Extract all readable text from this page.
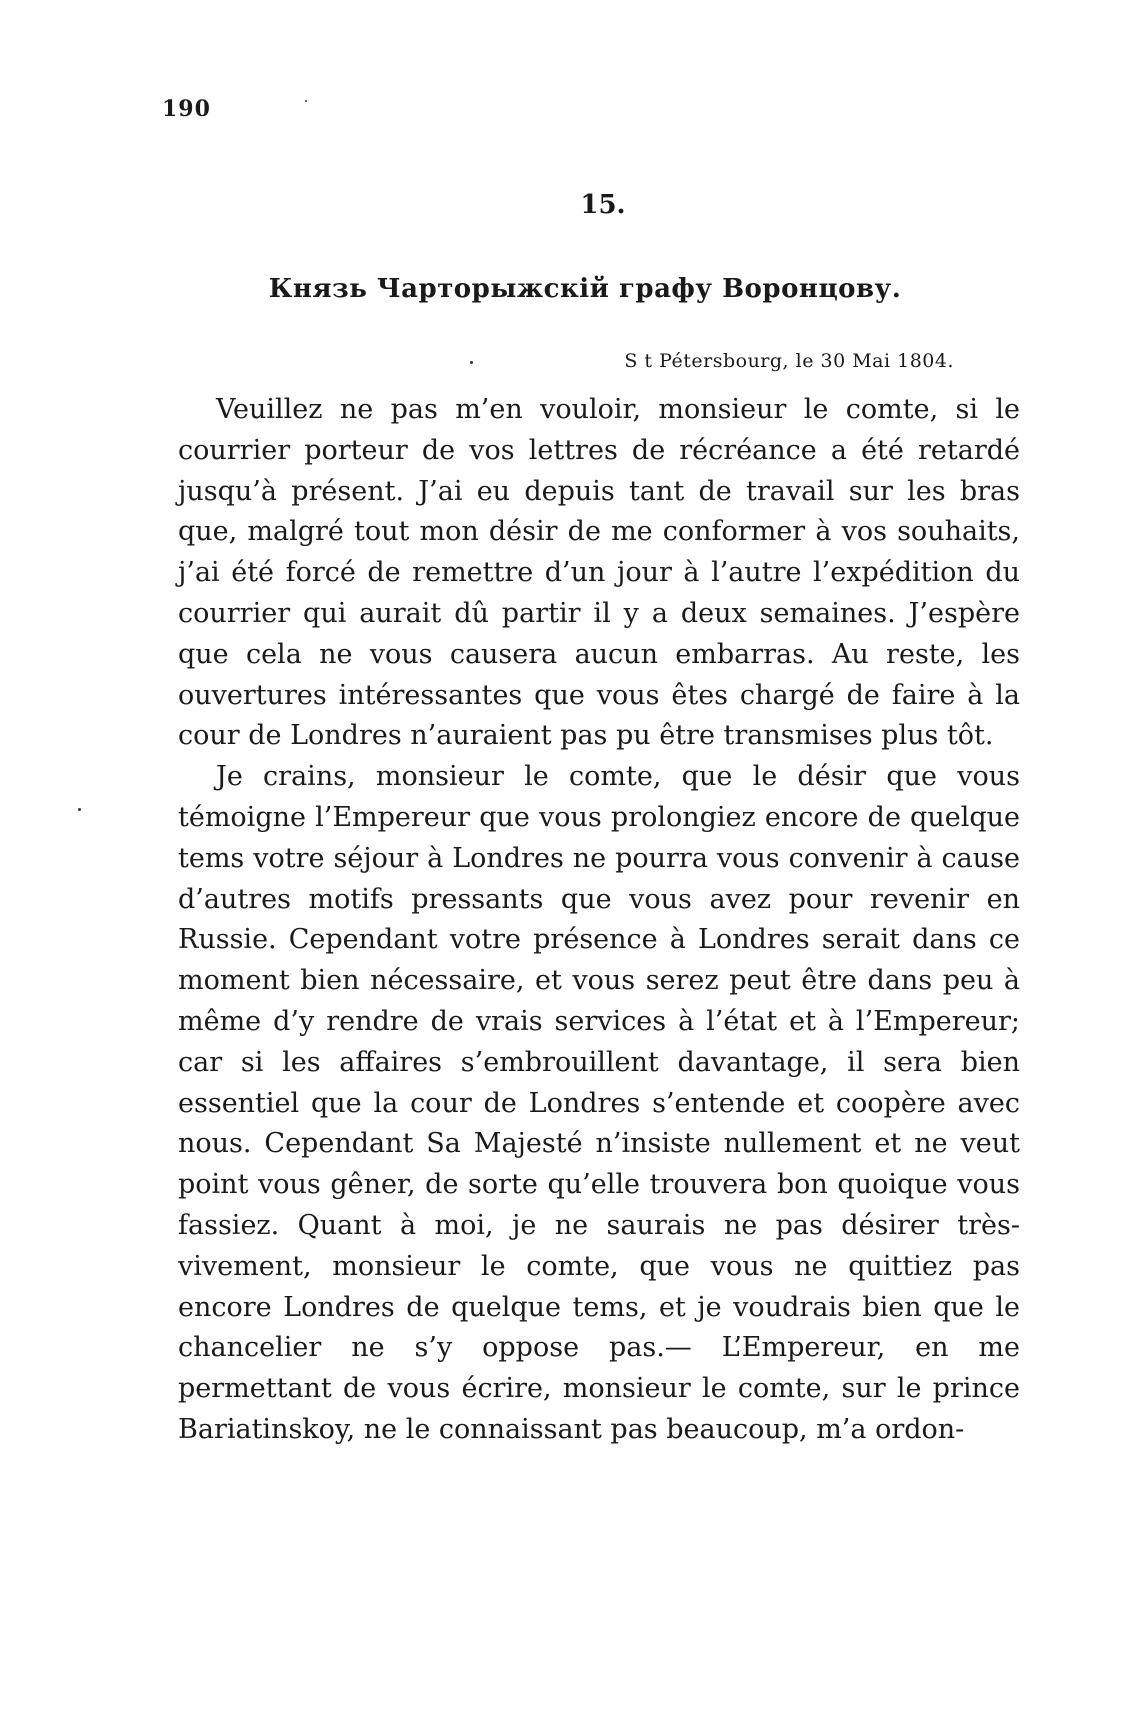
190
15.
Князь Чарторыжскій графу Воронцову.
S t Pétersbourg, le 30 Mai 1804.

Veuillez ne pas m’en vouloir, monsieur le comte, si le courrier porteur de vos lettres de récréance a été retardé jusqu’à présent. J’ai eu depuis tant de travail sur les bras que, malgré tout mon désir de me conformer à vos souhaits, j’ai été forcé de remettre d’un jour à l’autre l’expédition du courrier qui aurait dû partir il y a deux semaines. J’espère que cela ne vous causera aucun embarras. Au reste, les ouvertures intéressantes que vous êtes chargé de faire à la cour de Londres n’auraient pas pu être transmises plus tôt.

Je crains, monsieur le comte, que le désir que vous témoigne l’Empereur que vous prolongiez encore de quelque tems votre séjour à Londres ne pourra vous convenir à cause d’autres motifs pressants que vous avez pour revenir en Russie. Cependant votre présence à Londres serait dans ce moment bien nécessaire, et vous serez peut être dans peu à même d’y rendre de vrais services à l’état et à l’Empereur; car si les affaires s’embrouillent davantage, il sera bien essentiel que la cour de Londres s’entende et coopère avec nous. Cependant Sa Majesté n’insiste nullement et ne veut point vous gêner, de sorte qu’elle trouvera bon quoique vous fassiez. Quant à moi, je ne saurais ne pas désirer très-vivement, monsieur le comte, que vous ne quittiez pas encore Londres de quelque tems, et je voudrais bien que le chancelier ne s’y oppose pas.— L’Empereur, en me permettant de vous écrire, monsieur le comte, sur le prince Bariatinskoy, ne le connaissant pas beaucoup, m’a ordon-
